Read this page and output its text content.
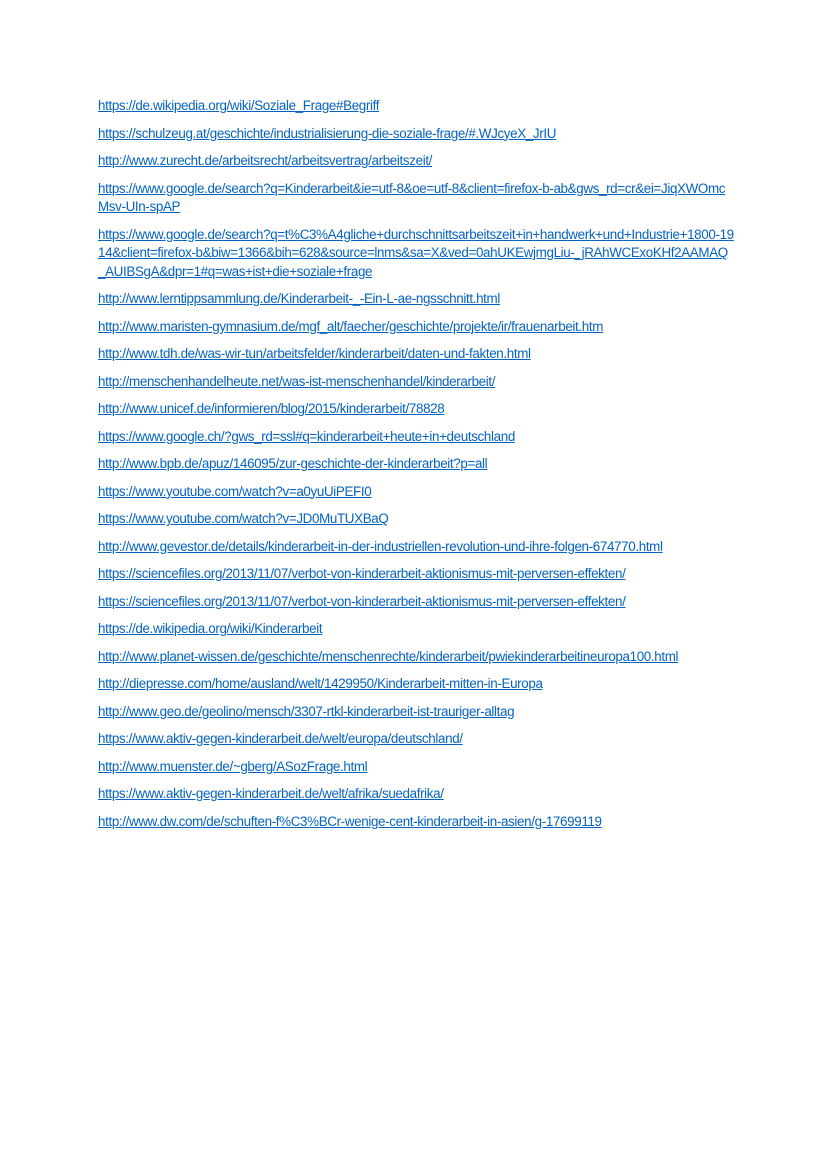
https://de.wikipedia.org/wiki/Soziale_Frage#Begriff
https://schulzeug.at/geschichte/industrialisierung-die-soziale-frage/#.WJcyeX_JrIU
http://www.zurecht.de/arbeitsrecht/arbeitsvertrag/arbeitszeit/
https://www.google.de/search?q=Kinderarbeit&ie=utf-8&oe=utf-8&client=firefox-b-ab&gws_rd=cr&ei=JiqXWOmcMsv-UIn-spAP
https://www.google.de/search?q=t%C3%A4gliche+durchschnittsarbeitszeit+in+handwerk+und+Industrie+1800-1914&client=firefox-b&biw=1366&bih=628&source=lnms&sa=X&ved=0ahUKEwjmgLiu-_jRAhWCExoKHf2AAMAQ_AUIBSgA&dpr=1#q=was+ist+die+soziale+frage
http://www.lerntippsammlung.de/Kinderarbeit-_-Ein-L-ae-ngsschnitt.html
http://www.maristen-gymnasium.de/mgf_alt/faecher/geschichte/projekte/ir/frauenarbeit.htm
http://www.tdh.de/was-wir-tun/arbeitsfelder/kinderarbeit/daten-und-fakten.html
http://menschenhandelheute.net/was-ist-menschenhandel/kinderarbeit/
http://www.unicef.de/informieren/blog/2015/kinderarbeit/78828
https://www.google.ch/?gws_rd=ssl#q=kinderarbeit+heute+in+deutschland
http://www.bpb.de/apuz/146095/zur-geschichte-der-kinderarbeit?p=all
https://www.youtube.com/watch?v=a0yuUiPEFI0
https://www.youtube.com/watch?v=JD0MuTUXBaQ
http://www.gevestor.de/details/kinderarbeit-in-der-industriellen-revolution-und-ihre-folgen-674770.html
https://sciencefiles.org/2013/11/07/verbot-von-kinderarbeit-aktionismus-mit-perversen-effekten/
https://sciencefiles.org/2013/11/07/verbot-von-kinderarbeit-aktionismus-mit-perversen-effekten/
https://de.wikipedia.org/wiki/Kinderarbeit
http://www.planet-wissen.de/geschichte/menschenrechte/kinderarbeit/pwiekinderarbeitineuropa100.html
http://diepresse.com/home/ausland/welt/1429950/Kinderarbeit-mitten-in-Europa
http://www.geo.de/geolino/mensch/3307-rtkl-kinderarbeit-ist-trauriger-alltag
https://www.aktiv-gegen-kinderarbeit.de/welt/europa/deutschland/
http://www.muenster.de/~gberg/ASozFrage.html
https://www.aktiv-gegen-kinderarbeit.de/welt/afrika/suedafrika/
http://www.dw.com/de/schuften-f%C3%BCr-wenige-cent-kinderarbeit-in-asien/g-17699119
